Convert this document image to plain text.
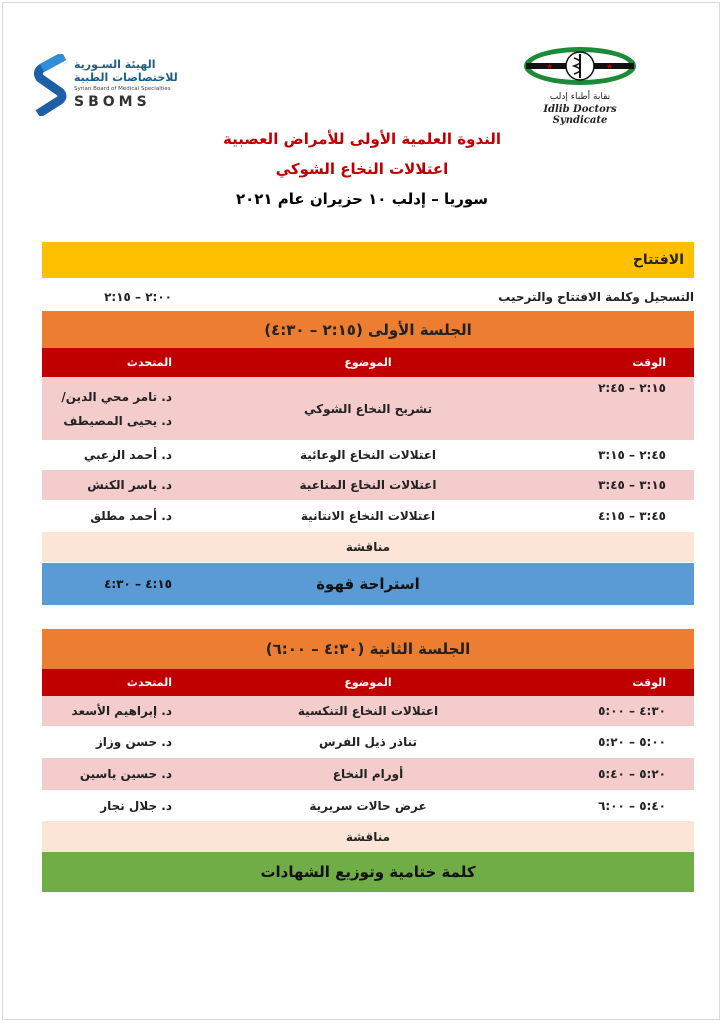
★	★
نقابة أطباء إدلب
Idlib Doctors Syndicate
الهيئة السـورية
للاختصاصات الطبية
Syrian Board of Medical Specialties
SBOMS
الندوة العلمية الأولى للأمراض العصبية
اعتلالات النخاع الشوكي
سوريا – إدلب ١٠ حزيران عام ٢٠٢١
الافتتاح
التسجيل وكلمة الافتتاح والترحيب
٢:٠٠ – ٢:١٥
الجلسة الأولى (٢:١٥ – ٤:٣٠)
الوقت
الموضوع
المتحدث
٢:١٥ – ٢:٤٥
تشريح النخاع الشوكي
د. تامر محي الدين/
د. يحيى المصيطف
٢:٤٥ – ٣:١٥
اعتلالات النخاع الوعائية
د. أحمد الزعبي
٣:١٥ – ٣:٤٥
اعتلالات النخاع المناعية
د. ياسر الكنش
٣:٤٥ – ٤:١٥
اعتلالات النخاع الانتانية
د. أحمد مطلق
مناقشة
استراحة قهوة
٤:١٥ – ٤:٣٠
الجلسة الثانية (٤:٣٠ – ٦:٠٠)
الوقت
الموضوع
المتحدث
٤:٣٠ – ٥:٠٠
اعتلالات النخاع التنكسية
د. إبراهيم الأسعد
٥:٠٠ – ٥:٢٠
تناذر ذيل الفرس
د. حسن وزاز
٥:٢٠ – ٥:٤٠
أورام النخاع
د. حسين ياسين
٥:٤٠ – ٦:٠٠
عرض حالات سريرية
د. جلال نجار
مناقشة
كلمة ختامية وتوزيع الشهادات
